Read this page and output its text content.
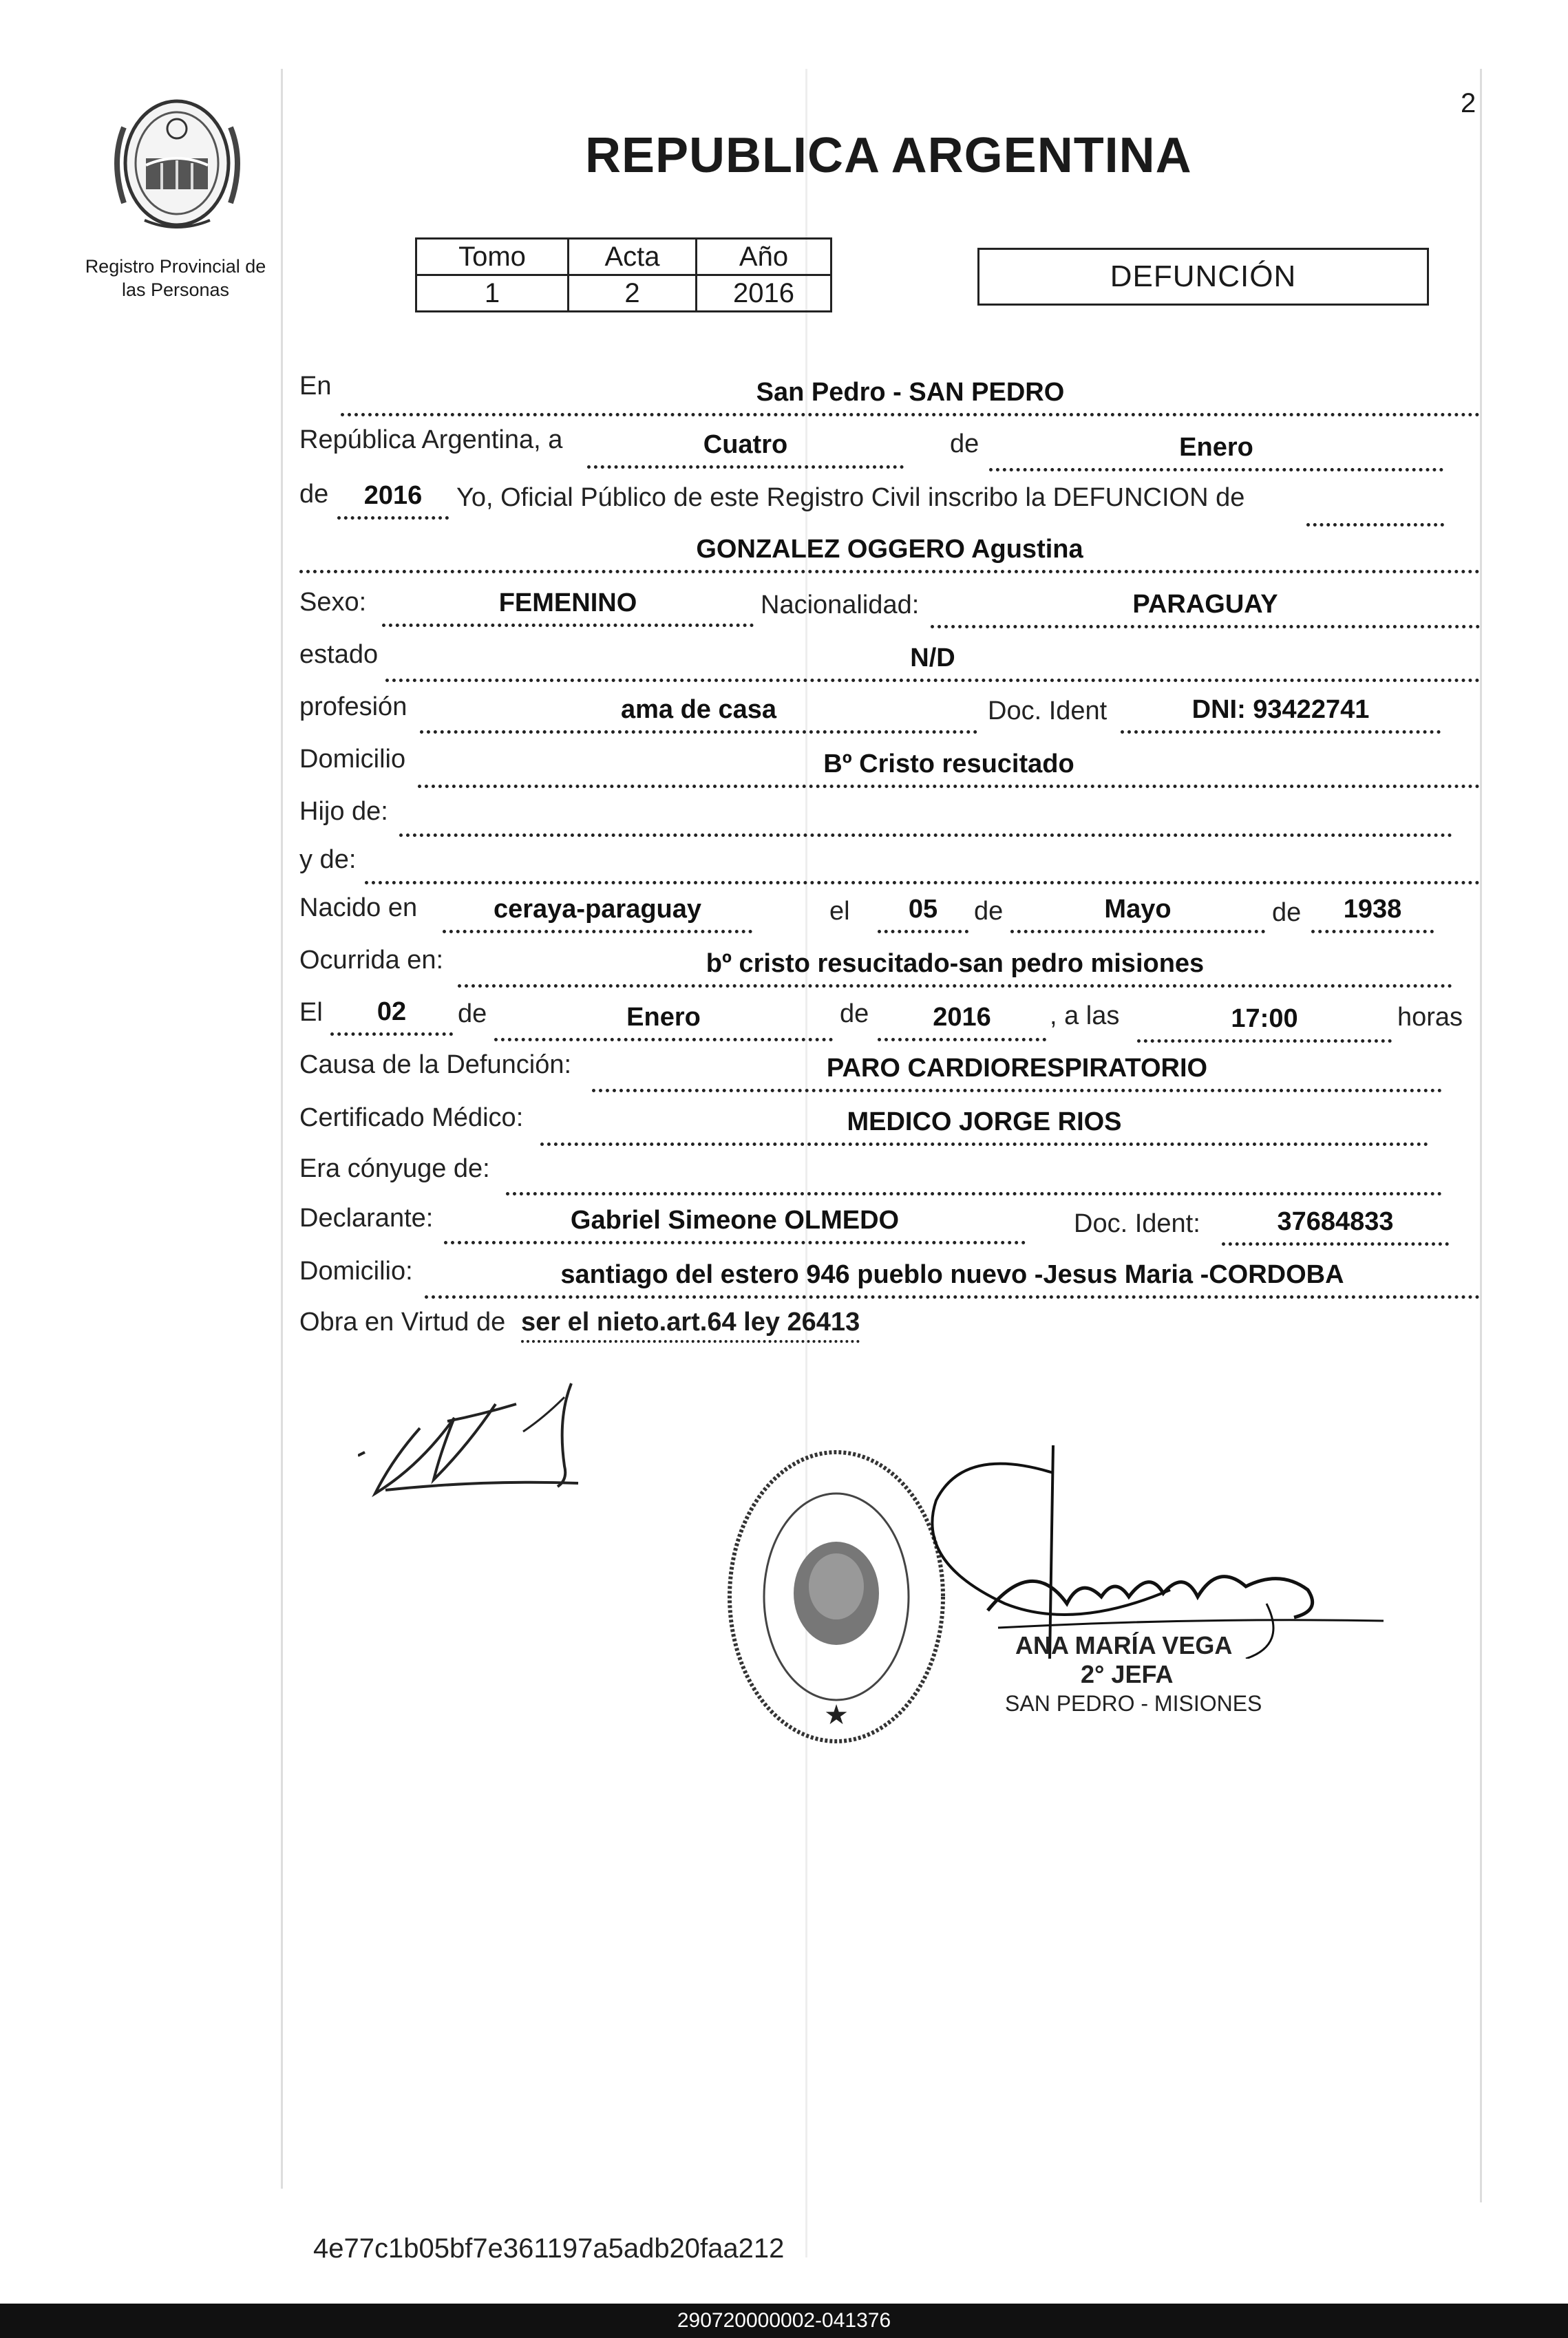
2
Registro Provincial de
las Personas
REPUBLICA ARGENTINA
Tomo	Acta	Año
1	2	2016	DEFUNCIÓN
En	San Pedro - SAN PEDRO
República Argentina, a	Cuatro	de	Enero
de	2016	Yo, Oficial Público de este Registro Civil inscribo la DEFUNCION de
GONZALEZ OGGERO Agustina
Sexo:	FEMENINO	Nacionalidad:	PARAGUAY
estado	N/D
profesión	ama de casa	Doc. Ident	DNI: 93422741
Domicilio	Bº Cristo resucitado
Hijo de:
y de:
Nacido en	ceraya-paraguay	el	05	de	Mayo	de	1938
Ocurrida en:	bº cristo resucitado-san pedro misiones
El	02	de	Enero	de	2016	, a las	17:00	horas
Causa de la Defunción:	PARO CARDIORESPIRATORIO
Certificado Médico:	MEDICO JORGE RIOS
Era cónyuge de:
Declarante:	Gabriel Simeone OLMEDO	Doc. Ident:	37684833
Domicilio:	santiago del estero 946 pueblo nuevo -Jesus Maria -CORDOBA
Obra en Virtud de ser el nieto.art.64 ley 26413
★
ANA MARÍA VEGA
2° JEFA
SAN PEDRO - MISIONES
4e77c1b05bf7e361197a5adb20faa212
290720000002-041376
